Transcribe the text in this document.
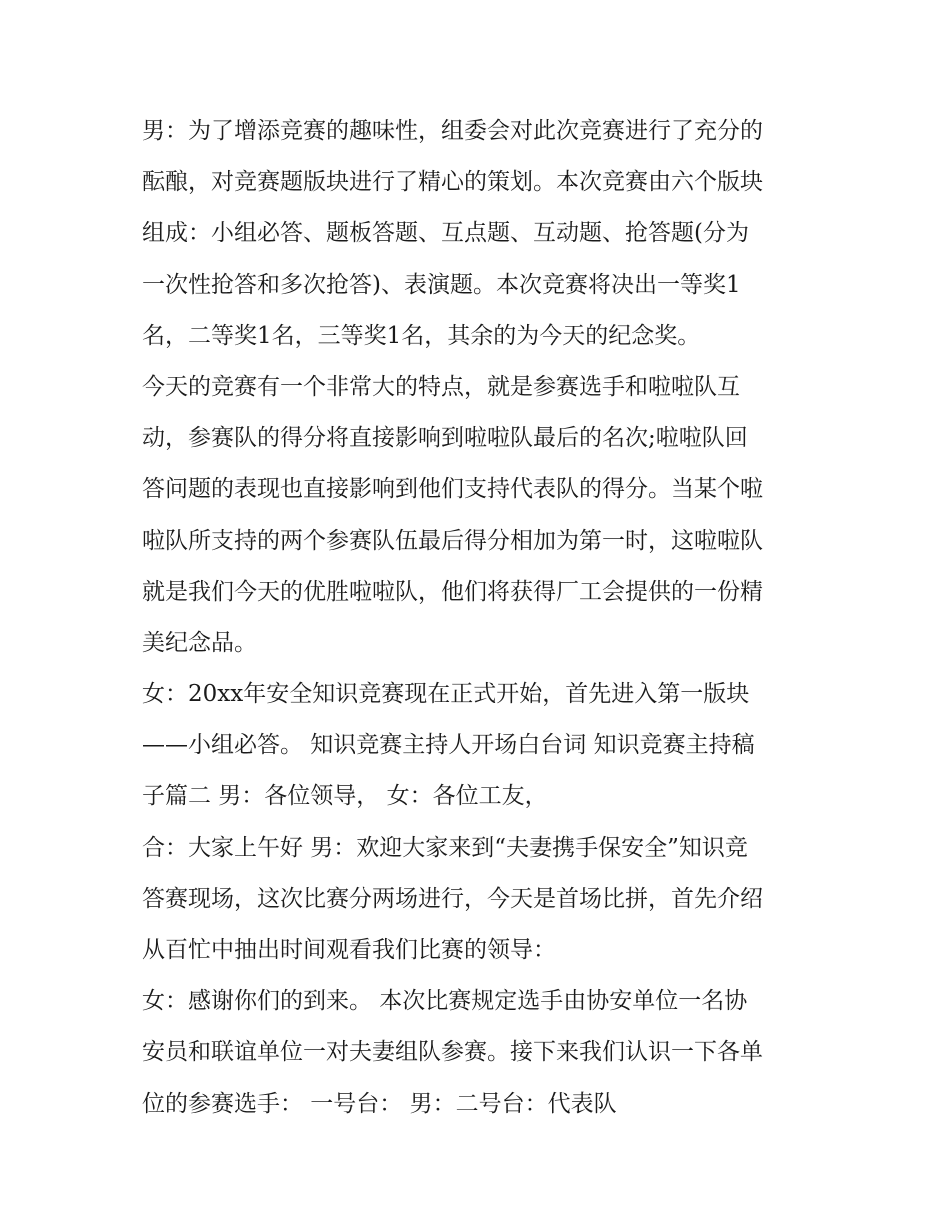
男：为了增添竞赛的趣味性，组委会对此次竞赛进行了充分的
酝酿，对竞赛题版块进行了精心的策划。本次竞赛由六个版块
组成：小组必答、题板答题、互点题、互动题、抢答题(分为
一次性抢答和多次抢答)、表演题。本次竞赛将决出一等奖1
名，二等奖1名，三等奖1名，其余的为今天的纪念奖。
今天的竞赛有一个非常大的特点，就是参赛选手和啦啦队互
动，参赛队的得分将直接影响到啦啦队最后的名次;啦啦队回
答问题的表现也直接影响到他们支持代表队的得分。当某个啦
啦队所支持的两个参赛队伍最后得分相加为第一时，这啦啦队
就是我们今天的优胜啦啦队，他们将获得厂工会提供的一份精
美纪念品。
女：20xx年安全知识竞赛现在正式开始，首先进入第一版块
——小组必答。 知识竞赛主持人开场白台词 知识竞赛主持稿
子篇二 男：各位领导， 女：各位工友，
合：大家上午好 男：欢迎大家来到“夫妻携手保安全”知识竞
答赛现场，这次比赛分两场进行，今天是首场比拼，首先介绍
从百忙中抽出时间观看我们比赛的领导：
女：感谢你们的到来。 本次比赛规定选手由协安单位一名协
安员和联谊单位一对夫妻组队参赛。接下来我们认识一下各单
位的参赛选手： 一号台： 男：二号台：代表队
